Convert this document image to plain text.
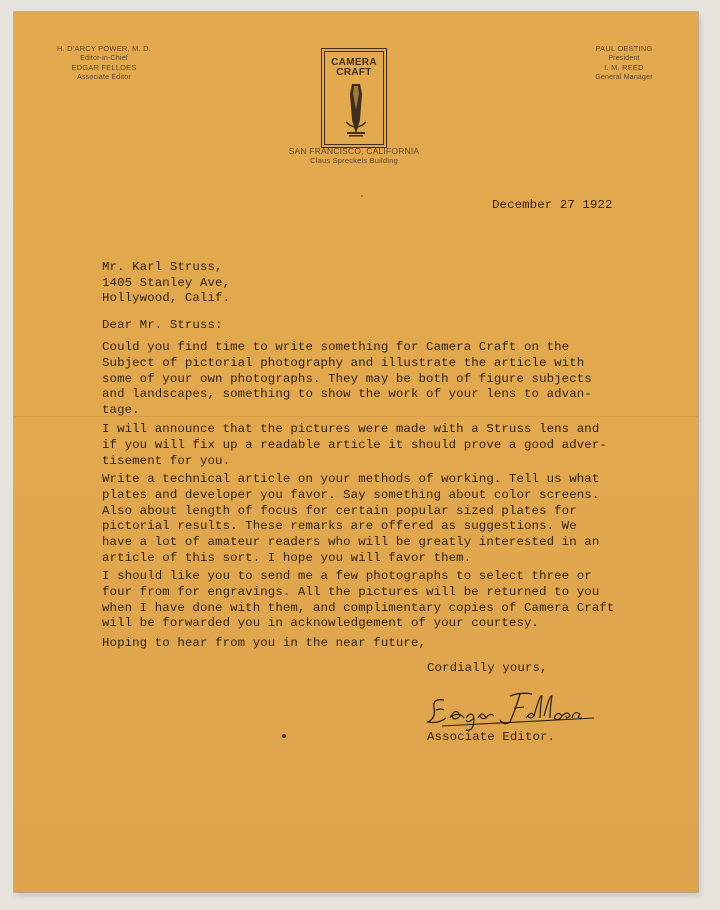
H. D'ARCY POWER, M. D.
Editor-in-Chief
EDGAR FELLOES
Associate Editor
PAUL OESTING
President
I. M. REED
General Manager
CAMERA
CRAFT
SAN FRANCISCO, CALIFORNIA
Claus Spreckels Building
December 27 1922
Mr. Karl Struss,
1405 Stanley Ave,
Hollywood, Calif.
Dear Mr. Struss:
Could you find time to write something for Camera Craft on the
Subject of pictorial photography and illustrate the article with
some of your own photographs. They may be both of figure subjects
and landscapes, something to show the work of your lens to advan-
tage.
I will announce that the pictures were made with a Struss lens and
if you will fix up a readable article it should prove a good adver-
tisement for you.
Write a technical article on your methods of working. Tell us what
plates and developer you favor. Say something about color screens.
Also about length of focus for certain popular sized plates for
pictorial results. These remarks are offered as suggestions. We
have a lot of amateur readers who will be greatly interested in an
article of this sort. I hope you will favor them.
I should like you to send me a few photographs to select three or
four from for engravings. All the pictures will be returned to you
when I have done with them, and complimentary copies of Camera Craft
will be forwarded you in acknowledgement of your courtesy.
Hoping to hear from you in the near future,
Cordially yours,
Associate Editor.
